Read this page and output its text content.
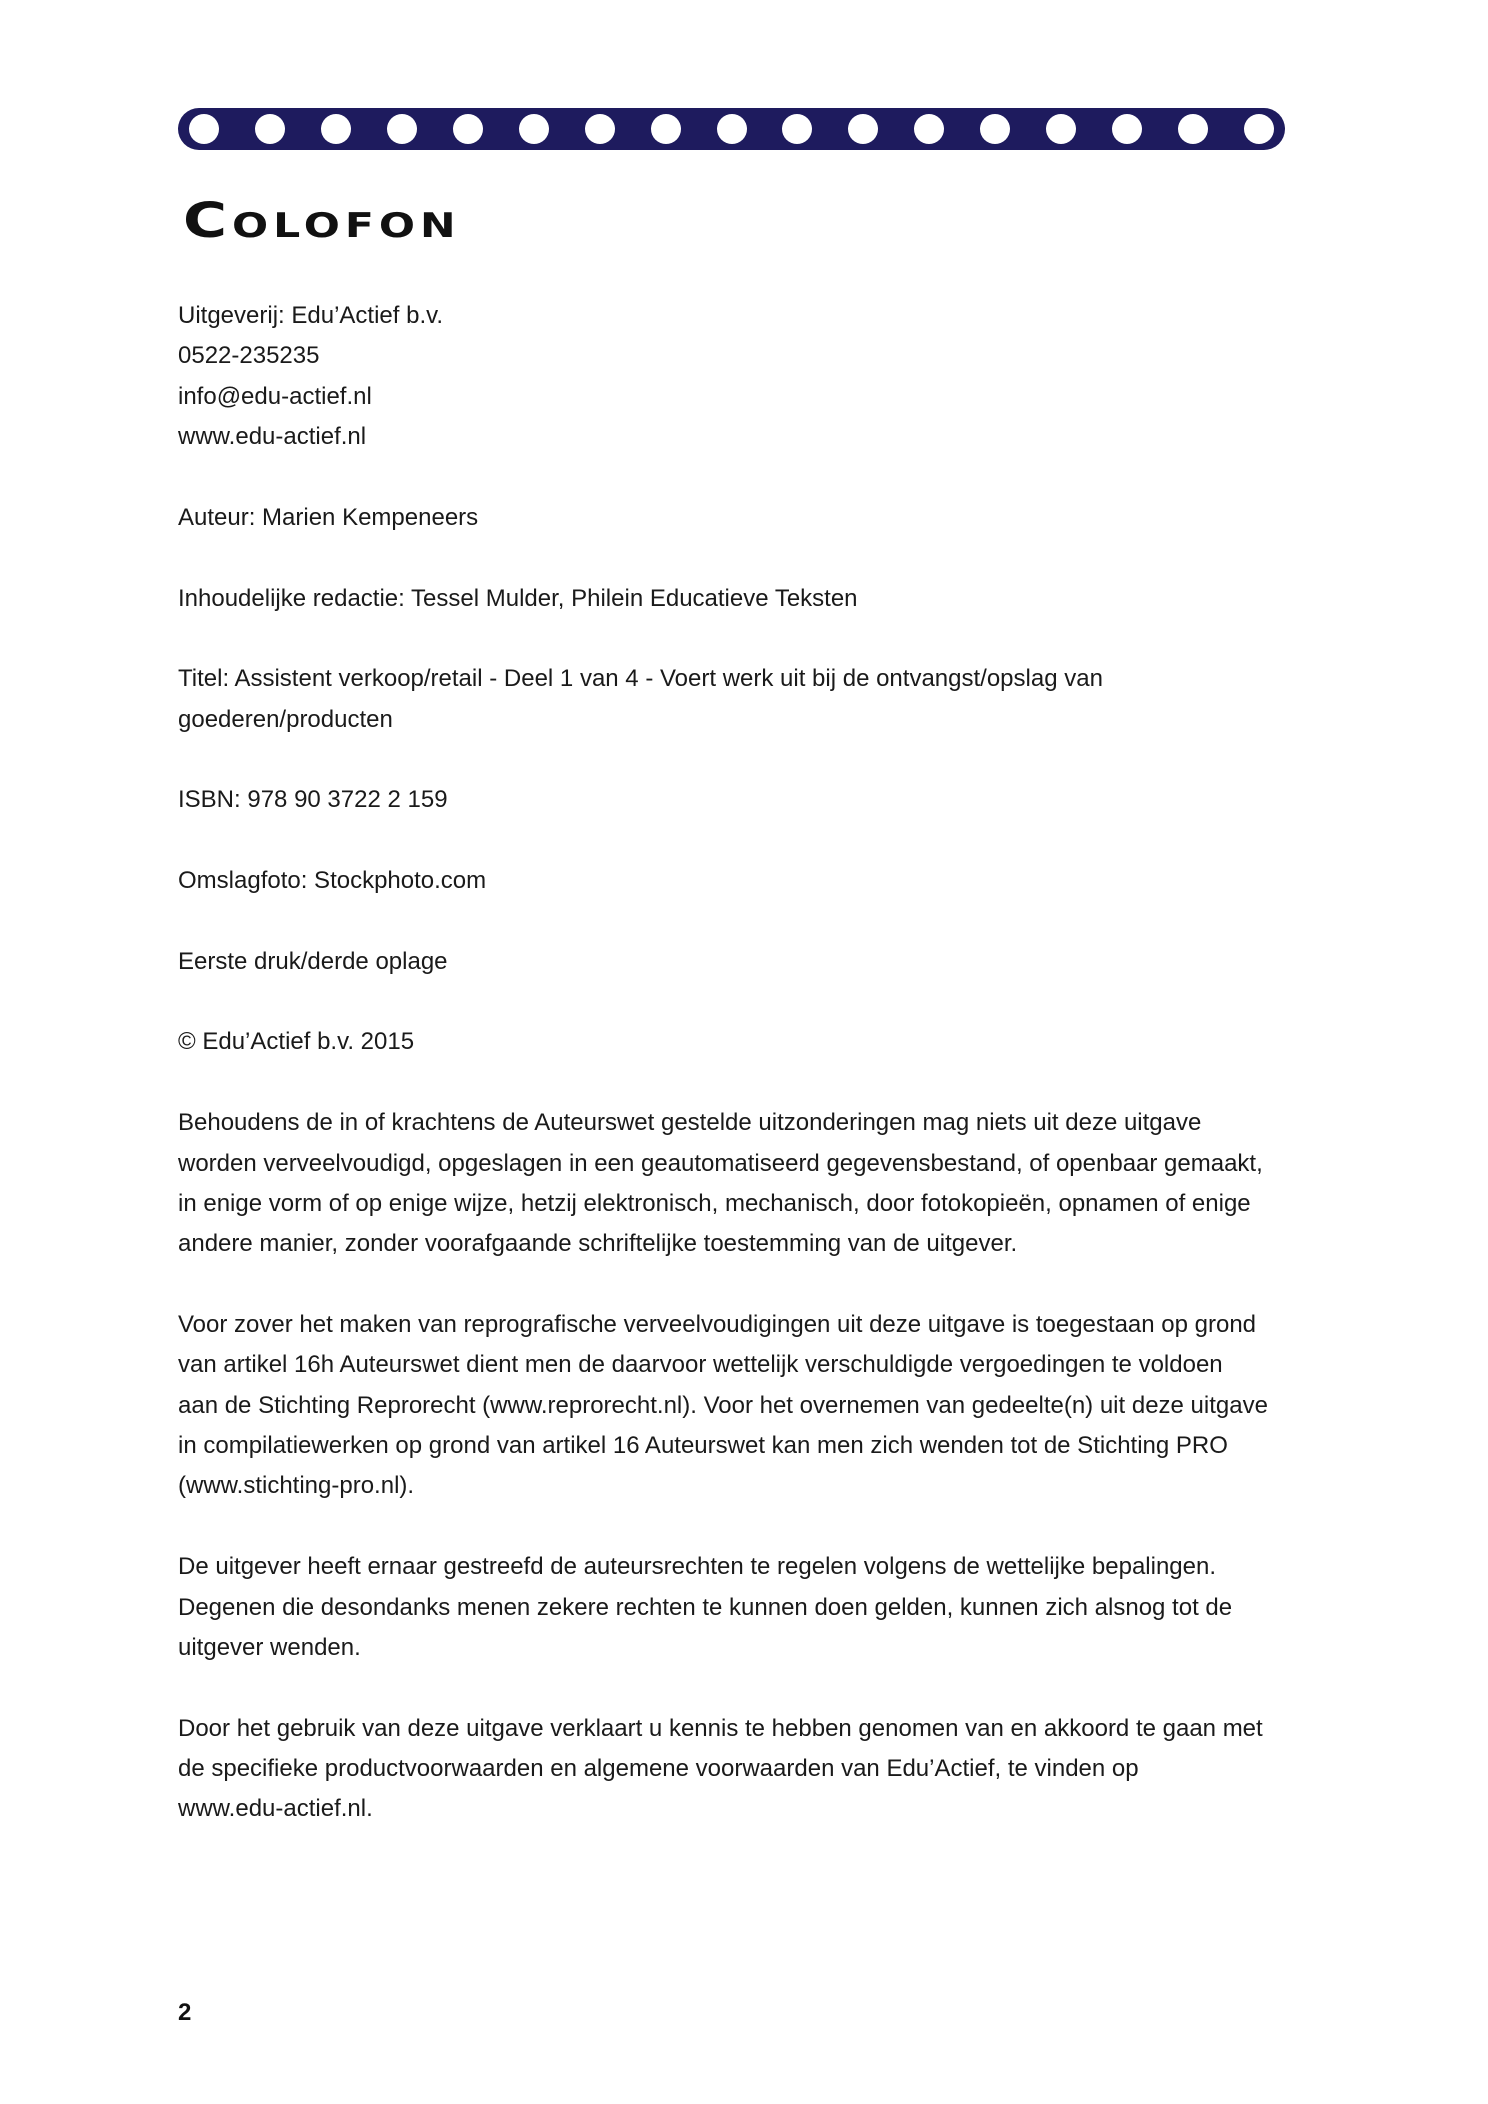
Colofon
Uitgeverij: Edu’Actief b.v.
0522-235235
info@edu-actief.nl
www.edu-actief.nl
Auteur: Marien Kempeneers
Inhoudelijke redactie: Tessel Mulder, Philein Educatieve Teksten
Titel: Assistent verkoop/retail - Deel 1 van 4 - Voert werk uit bij de ontvangst/opslag van
goederen/producten
ISBN: 978 90 3722 2 159
Omslagfoto: Stockphoto.com
Eerste druk/derde oplage
© Edu’Actief b.v. 2015
Behoudens de in of krachtens de Auteurswet gestelde uitzonderingen mag niets uit deze uitgave
worden verveelvoudigd, opgeslagen in een geautomatiseerd gegevensbestand, of openbaar gemaakt,
in enige vorm of op enige wijze, hetzij elektronisch, mechanisch, door fotokopieën, opnamen of enige
andere manier, zonder voorafgaande schriftelijke toestemming van de uitgever.
Voor zover het maken van reprografische verveelvoudigingen uit deze uitgave is toegestaan op grond
van artikel 16h Auteurswet dient men de daarvoor wettelijk verschuldigde vergoedingen te voldoen
aan de Stichting Reprorecht (www.reprorecht.nl). Voor het overnemen van gedeelte(n) uit deze uitgave
in compilatiewerken op grond van artikel 16 Auteurswet kan men zich wenden tot de Stichting PRO
(www.stichting-pro.nl).
De uitgever heeft ernaar gestreefd de auteursrechten te regelen volgens de wettelijke bepalingen.
Degenen die desondanks menen zekere rechten te kunnen doen gelden, kunnen zich alsnog tot de
uitgever wenden.
Door het gebruik van deze uitgave verklaart u kennis te hebben genomen van en akkoord te gaan met
de specifieke productvoorwaarden en algemene voorwaarden van Edu’Actief, te vinden op
www.edu-actief.nl.
2
